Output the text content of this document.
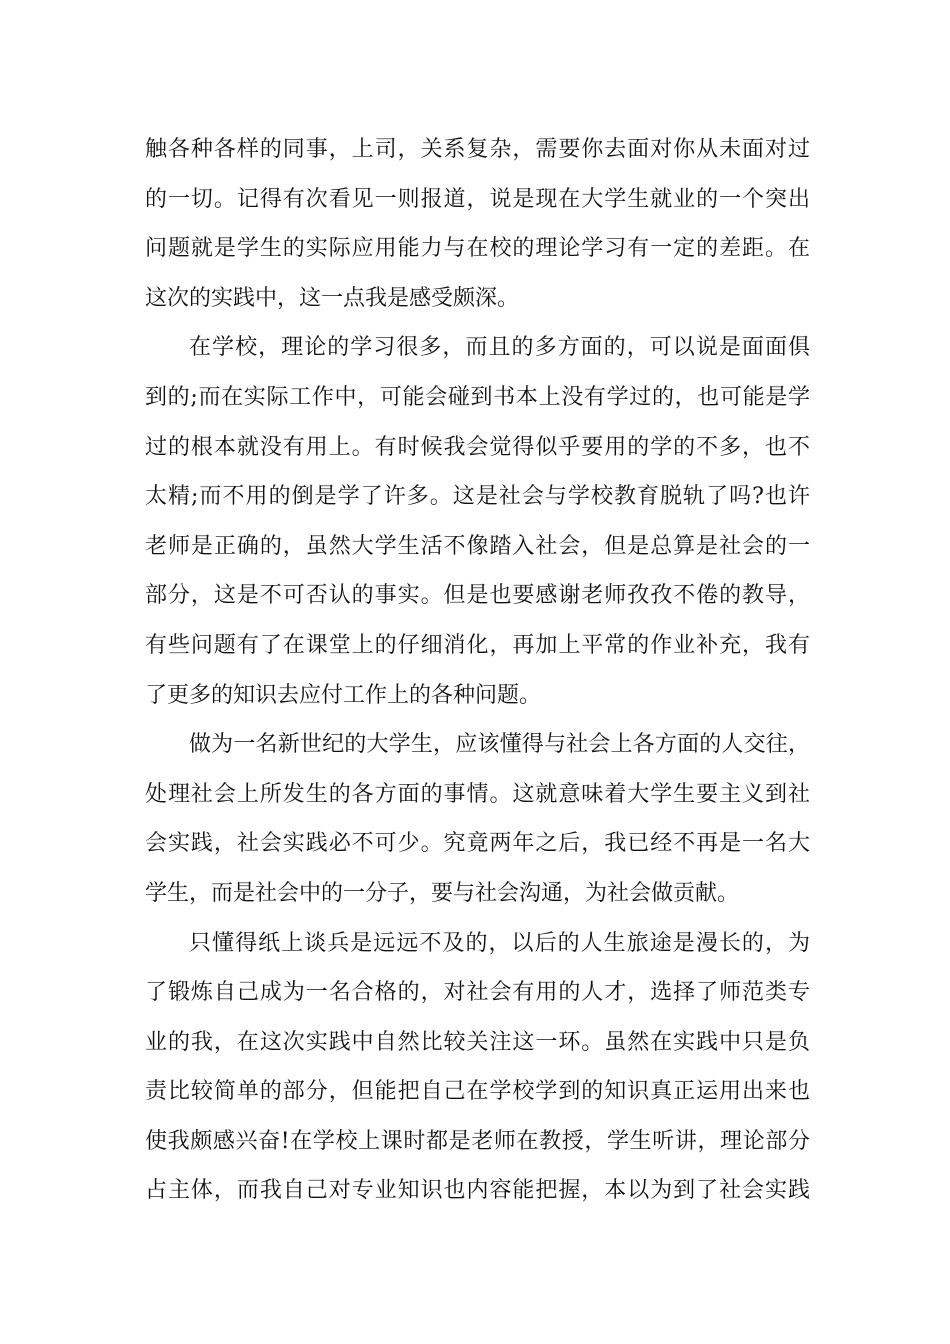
触各种各样的同事，上司，关系复杂，需要你去面对你从未面对过
的一切。记得有次看见一则报道，说是现在大学生就业的一个突出
问题就是学生的实际应用能力与在校的理论学习有一定的差距。在
这次的实践中，这一点我是感受颇深。
在学校，理论的学习很多，而且的多方面的，可以说是面面俱
到的;而在实际工作中，可能会碰到书本上没有学过的，也可能是学
过的根本就没有用上。有时候我会觉得似乎要用的学的不多，也不
太精;而不用的倒是学了许多。这是社会与学校教育脱轨了吗?也许
老师是正确的，虽然大学生活不像踏入社会，但是总算是社会的一
部分，这是不可否认的事实。但是也要感谢老师孜孜不倦的教导，
有些问题有了在课堂上的仔细消化，再加上平常的作业补充，我有
了更多的知识去应付工作上的各种问题。
做为一名新世纪的大学生，应该懂得与社会上各方面的人交往，
处理社会上所发生的各方面的事情。这就意味着大学生要主义到社
会实践，社会实践必不可少。究竟两年之后，我已经不再是一名大
学生，而是社会中的一分子，要与社会沟通，为社会做贡献。
只懂得纸上谈兵是远远不及的，以后的人生旅途是漫长的，为
了锻炼自己成为一名合格的，对社会有用的人才，选择了师范类专
业的我，在这次实践中自然比较关注这一环。虽然在实践中只是负
责比较简单的部分，但能把自己在学校学到的知识真正运用出来也
使我颇感兴奋!在学校上课时都是老师在教授，学生听讲，理论部分
占主体，而我自己对专业知识也内容能把握，本以为到了社会实践
